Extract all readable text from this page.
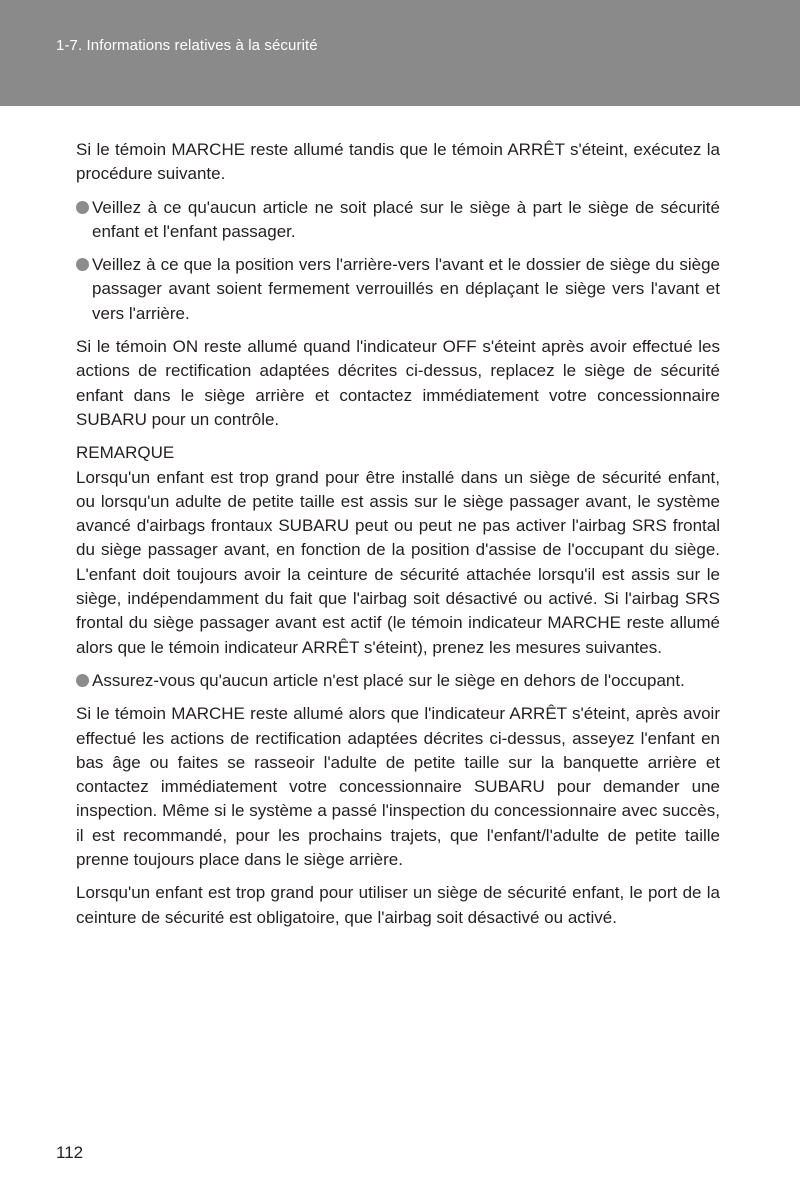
1-7. Informations relatives à la sécurité

Si le témoin MARCHE reste allumé tandis que le témoin ARRÊT s'éteint, exécutez la procédure suivante.

Veillez à ce qu'aucun article ne soit placé sur le siège à part le siège de sécurité enfant et l'enfant passager.
Veillez à ce que la position vers l'arrière-vers l'avant et le dossier de siège du siège passager avant soient fermement verrouillés en déplaçant le siège vers l'avant et vers l'arrière.

Si le témoin ON reste allumé quand l'indicateur OFF s'éteint après avoir effectué les actions de rectification adaptées décrites ci-dessus, replacez le siège de sécurité enfant dans le siège arrière et contactez immédiatement votre concessionnaire SUBARU pour un contrôle.

REMARQUE

Lorsqu'un enfant est trop grand pour être installé dans un siège de sécurité enfant, ou lorsqu'un adulte de petite taille est assis sur le siège passager avant, le système avancé d'airbags frontaux SUBARU peut ou peut ne pas activer l'airbag SRS frontal du siège passager avant, en fonction de la position d'assise de l'occupant du siège. L'enfant doit toujours avoir la ceinture de sécurité attachée lorsqu'il est assis sur le siège, indépendamment du fait que l'airbag soit désactivé ou activé. Si l'airbag SRS frontal du siège passager avant est actif (le témoin indicateur MARCHE reste allumé alors que le témoin indicateur ARRÊT s'éteint), prenez les mesures suivantes.

Assurez-vous qu'aucun article n'est placé sur le siège en dehors de l'occupant.

Si le témoin MARCHE reste allumé alors que l'indicateur ARRÊT s'éteint, après avoir effectué les actions de rectification adaptées décrites ci-dessus, asseyez l'enfant en bas âge ou faites se rasseoir l'adulte de petite taille sur la banquette arrière et contactez immédiatement votre concessionnaire SUBARU pour demander une inspection. Même si le système a passé l'inspection du concessionnaire avec succès, il est recommandé, pour les prochains trajets, que l'enfant/l'adulte de petite taille prenne toujours place dans le siège arrière.

Lorsqu'un enfant est trop grand pour utiliser un siège de sécurité enfant, le port de la ceinture de sécurité est obligatoire, que l'airbag soit désactivé ou activé.

112
